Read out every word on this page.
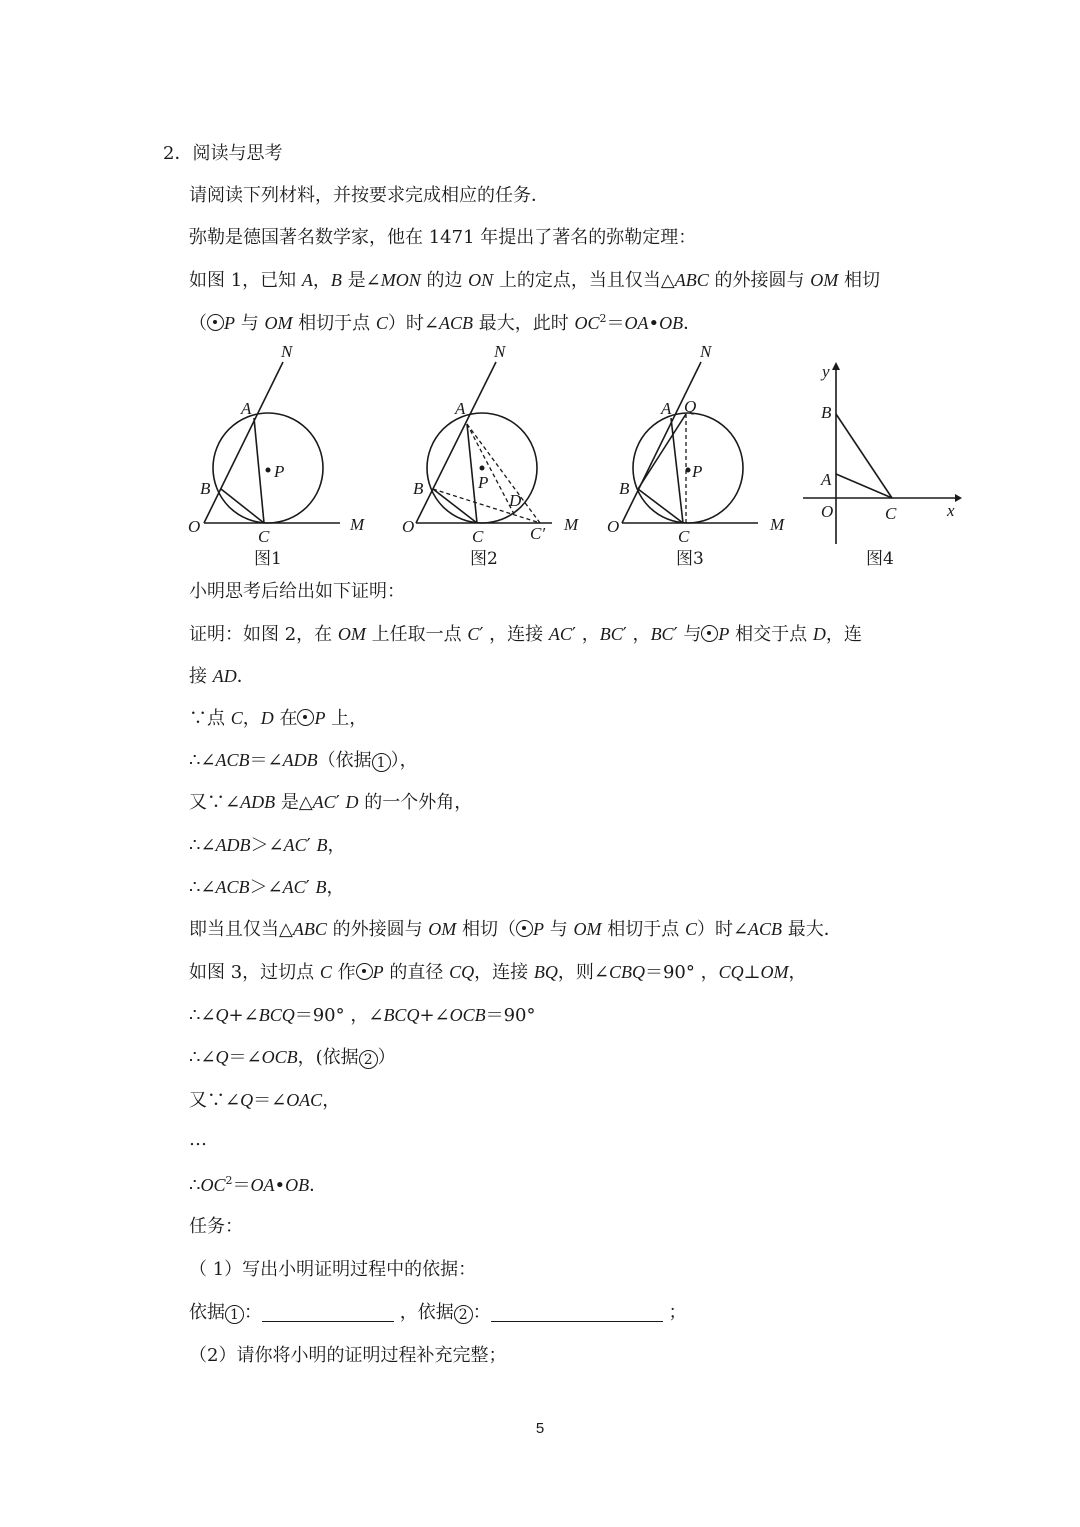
2．阅读与思考
请阅读下列材料，并按要求完成相应的任务．
弥勒是德国著名数学家，他在 1471 年提出了著名的弥勒定理：
如图 1，已知 A，B 是∠MON 的边 ON 上的定点，当且仅当△ABC 的外接圆与 OM 相切
（ P 与 OM 相切于点 C）时∠ACB 最大，此时 $OC^2=OA•OB$．
N
A
P
B
O
C
M
图1
N
A
P
B
O
C
D
C′ M
图2
N
A Q
P
B
O
C
M
图3
y
B
A
O	C	x
图4
小明思考后给出如下证明：
证明：如图 2，在 OM 上任取一点 C′ ，连接 AC′ ，BC′ ，BC′ 与 P 相交于点 D，连
接 AD．
∵点 C，D 在 P 上，
∴∠ACB＝∠ADB（依据 1 ），
又∵∠ADB 是△AC′ D 的一个外角，
∴∠ADB＞∠AC′ B，
∴∠ACB＞∠AC′ B，
即当且仅当△ABC 的外接圆与 OM 相切（ P 与 OM 相切于点 C）时∠ACB 最大．
如图 3，过切点 C 作 P 的直径 CQ，连接 BQ，则∠CBQ＝90° ，CQ⊥OM，
∴∠Q+∠BCQ＝90° ，∠BCQ+∠OCB＝90°
∴∠Q＝∠OCB，(依据 2 ）
又∵∠Q＝∠OAC，
…
$\therefore OC^2=OA•OB$．
任务：
（ 1）写出小明证明过程中的依据：
依据 1 ：	，依据 2 ：	；
（2）请你将小明的证明过程补充完整；
5
